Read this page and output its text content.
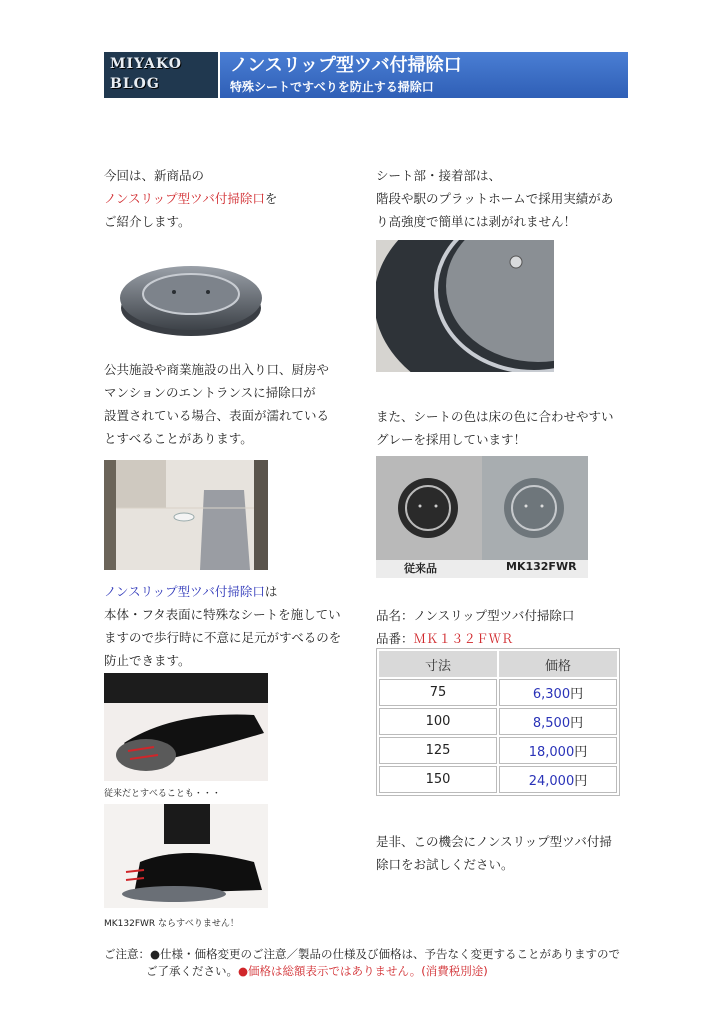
MIYAKO
BLOG
ノンスリップ型ツバ付掃除口
特殊シートですべりを防止する掃除口
今回は、新商品の
ノンスリップ型ツバ付掃除口を
ご紹介します。
公共施設や商業施設の出入り口、厨房や
マンションのエントランスに掃除口が
設置されている場合、表面が濡れている
とすべることがあります。
ノンスリップ型ツバ付掃除口は
本体・フタ表面に特殊なシートを施してい
ますので歩行時に不意に足元がすべるのを
防止できます。
従来だとすべることも・・・
MK132FWR ならすべりません！
シート部・接着部は、
階段や駅のプラットホームで採用実績があ
り高強度で簡単には剥がれません！
また、シートの色は床の色に合わせやすい
グレーを採用しています！
従来品	MK132FWR
品名：ノンスリップ型ツバ付掃除口
品番：ＭＫ１３２ＦＷＲ
寸法	価格
75	6,300円
100	8,500円
125	18,000円
150	24,000円
是非、この機会にノンスリップ型ツバ付掃
除口をお試しください。
ご注意：●仕様・価格変更のご注意／製品の仕様及び価格は、予告なく変更することがありますので
ご了承ください。●価格は総額表示ではありません。(消費税別途)
